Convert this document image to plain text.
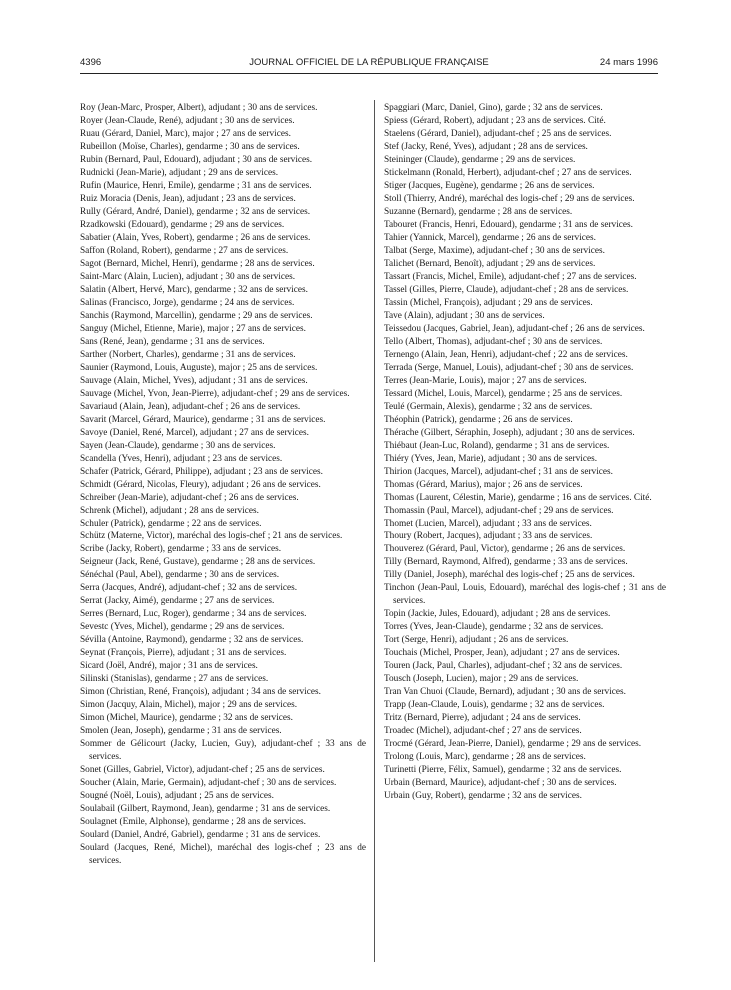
4396	JOURNAL OFFICIEL DE LA RÉPUBLIQUE FRANÇAISE	24 mars 1996

Roy (Jean-Marc, Prosper, Albert), adjudant ; 30 ans de services.

Royer (Jean-Claude, René), adjudant ; 30 ans de services.

Ruau (Gérard, Daniel, Marc), major ; 27 ans de services.

Rubeillon (Moïse, Charles), gendarme ; 30 ans de services.

Rubin (Bernard, Paul, Edouard), adjudant ; 30 ans de services.

Rudnicki (Jean-Marie), adjudant ; 29 ans de services.

Rufin (Maurice, Henri, Emile), gendarme ; 31 ans de services.

Ruiz Moracia (Denis, Jean), adjudant ; 23 ans de services.

Rully (Gérard, André, Daniel), gendarme ; 32 ans de services.

Rzadkowski (Edouard), gendarme ; 29 ans de services.

Sabatier (Alain, Yves, Robert), gendarme ; 26 ans de services.

Saffon (Roland, Robert), gendarme ; 27 ans de services.

Sagot (Bernard, Michel, Henri), gendarme ; 28 ans de services.

Saint-Marc (Alain, Lucien), adjudant ; 30 ans de services.

Salatin (Albert, Hervé, Marc), gendarme ; 32 ans de services.

Salinas (Francisco, Jorge), gendarme ; 24 ans de services.

Sanchis (Raymond, Marcellin), gendarme ; 29 ans de services.

Sanguy (Michel, Etienne, Marie), major ; 27 ans de services.

Sans (René, Jean), gendarme ; 31 ans de services.

Sarther (Norbert, Charles), gendarme ; 31 ans de services.

Saunier (Raymond, Louis, Auguste), major ; 25 ans de services.

Sauvage (Alain, Michel, Yves), adjudant ; 31 ans de services.

Sauvage (Michel, Yvon, Jean-Pierre), adjudant-chef ; 29 ans de services.

Savariaud (Alain, Jean), adjudant-chef ; 26 ans de services.

Savarit (Marcel, Gérard, Maurice), gendarme ; 31 ans de services.

Savoye (Daniel, René, Marcel), adjudant ; 27 ans de services.

Sayen (Jean-Claude), gendarme ; 30 ans de services.

Scandella (Yves, Henri), adjudant ; 23 ans de services.

Schafer (Patrick, Gérard, Philippe), adjudant ; 23 ans de services.

Schmidt (Gérard, Nicolas, Fleury), adjudant ; 26 ans de services.

Schreiber (Jean-Marie), adjudant-chef ; 26 ans de services.

Schrenk (Michel), adjudant ; 28 ans de services.

Schuler (Patrick), gendarme ; 22 ans de services.

Schütz (Materne, Victor), maréchal des logis-chef ; 21 ans de services.

Scribe (Jacky, Robert), gendarme ; 33 ans de services.

Seigneur (Jack, René, Gustave), gendarme ; 28 ans de services.

Sénéchal (Paul, Abel), gendarme ; 30 ans de services.

Serra (Jacques, André), adjudant-chef ; 32 ans de services.

Serrat (Jacky, Aimé), gendarme ; 27 ans de services.

Serres (Bernard, Luc, Roger), gendarme ; 34 ans de services.

Sevestc (Yves, Michel), gendarme ; 29 ans de services.

Sévilla (Antoine, Raymond), gendarme ; 32 ans de services.

Seynat (François, Pierre), adjudant ; 31 ans de services.

Sicard (Joël, André), major ; 31 ans de services.

Silinski (Stanislas), gendarme ; 27 ans de services.

Simon (Christian, René, François), adjudant ; 34 ans de services.

Simon (Jacquy, Alain, Michel), major ; 29 ans de services.

Simon (Michel, Maurice), gendarme ; 32 ans de services.

Smolen (Jean, Joseph), gendarme ; 31 ans de services.

Sommer de Gélicourt (Jacky, Lucien, Guy), adjudant-chef ; 33 ans de services.

Sonet (Gilles, Gabriel, Victor), adjudant-chef ; 25 ans de services.

Soucher (Alain, Marie, Germain), adjudant-chef ; 30 ans de services.

Sougné (Noël, Louis), adjudant ; 25 ans de services.

Soulabail (Gilbert, Raymond, Jean), gendarme ; 31 ans de services.

Soulagnet (Emile, Alphonse), gendarme ; 28 ans de services.

Soulard (Daniel, André, Gabriel), gendarme ; 31 ans de services.

Soulard (Jacques, René, Michel), maréchal des logis-chef ; 23 ans de services.

Spaggiari (Marc, Daniel, Gino), garde ; 32 ans de services.

Spiess (Gérard, Robert), adjudant ; 23 ans de services. Cité.

Staelens (Gérard, Daniel), adjudant-chef ; 25 ans de services.

Stef (Jacky, René, Yves), adjudant ; 28 ans de services.

Steininger (Claude), gendarme ; 29 ans de services.

Stickelmann (Ronald, Herbert), adjudant-chef ; 27 ans de services.

Stiger (Jacques, Eugène), gendarme ; 26 ans de services.

Stoll (Thierry, André), maréchal des logis-chef ; 29 ans de services.

Suzanne (Bernard), gendarme ; 28 ans de services.

Tabouret (Francis, Henri, Edouard), gendarme ; 31 ans de services.

Tahier (Yannick, Marcel), gendarme ; 26 ans de services.

Talbat (Serge, Maxime), adjudant-chef ; 30 ans de services.

Talichet (Bernard, Benoît), adjudant ; 29 ans de services.

Tassart (Francis, Michel, Emile), adjudant-chef ; 27 ans de services.

Tassel (Gilles, Pierre, Claude), adjudant-chef ; 28 ans de services.

Tassin (Michel, François), adjudant ; 29 ans de services.

Tave (Alain), adjudant ; 30 ans de services.

Teissedou (Jacques, Gabriel, Jean), adjudant-chef ; 26 ans de services.

Tello (Albert, Thomas), adjudant-chef ; 30 ans de services.

Ternengo (Alain, Jean, Henri), adjudant-chef ; 22 ans de services.

Terrada (Serge, Manuel, Louis), adjudant-chef ; 30 ans de services.

Terres (Jean-Marie, Louis), major ; 27 ans de services.

Tessard (Michel, Louis, Marcel), gendarme ; 25 ans de services.

Teulé (Germain, Alexis), gendarme ; 32 ans de services.

Théophin (Patrick), gendarme ; 26 ans de services.

Thérache (Gilbert, Séraphin, Joseph), adjudant ; 30 ans de services.

Thiébaut (Jean-Luc, Roland), gendarme ; 31 ans de services.

Thiéry (Yves, Jean, Marie), adjudant ; 30 ans de services.

Thirion (Jacques, Marcel), adjudant-chef ; 31 ans de services.

Thomas (Gérard, Marius), major ; 26 ans de services.

Thomas (Laurent, Célestin, Marie), gendarme ; 16 ans de services. Cité.

Thomassin (Paul, Marcel), adjudant-chef ; 29 ans de services.

Thomet (Lucien, Marcel), adjudant ; 33 ans de services.

Thoury (Robert, Jacques), adjudant ; 33 ans de services.

Thouverez (Gérard, Paul, Victor), gendarme ; 26 ans de services.

Tilly (Bernard, Raymond, Alfred), gendarme ; 33 ans de services.

Tilly (Daniel, Joseph), maréchal des logis-chef ; 25 ans de services.

Tinchon (Jean-Paul, Louis, Edouard), maréchal des logis-chef ; 31 ans de services.

Topin (Jackie, Jules, Edouard), adjudant ; 28 ans de services.

Torres (Yves, Jean-Claude), gendarme ; 32 ans de services.

Tort (Serge, Henri), adjudant ; 26 ans de services.

Touchais (Michel, Prosper, Jean), adjudant ; 27 ans de services.

Touren (Jack, Paul, Charles), adjudant-chef ; 32 ans de services.

Tousch (Joseph, Lucien), major ; 29 ans de services.

Tran Van Chuoi (Claude, Bernard), adjudant ; 30 ans de services.

Trapp (Jean-Claude, Louis), gendarme ; 32 ans de services.

Tritz (Bernard, Pierre), adjudant ; 24 ans de services.

Troadec (Michel), adjudant-chef ; 27 ans de services.

Trocmé (Gérard, Jean-Pierre, Daniel), gendarme ; 29 ans de services.

Trolong (Louis, Marc), gendarme ; 28 ans de services.

Turinetti (Pierre, Félix, Samuel), gendarme ; 32 ans de services.

Urbain (Bernard, Maurice), adjudant-chef ; 30 ans de services.

Urbain (Guy, Robert), gendarme ; 32 ans de services.
